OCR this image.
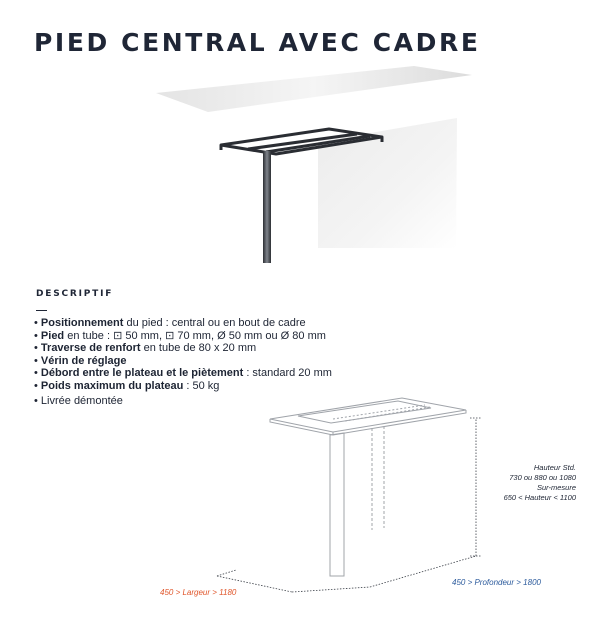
PIED CENTRAL AVEC CADRE
DESCRIPTIF
• Positionnement du pied : central ou en bout de cadre
• Pied en tube : ⊡ 50 mm, ⊡ 70 mm, Ø 50 mm ou Ø 80 mm
• Traverse de renfort en tube de 80 x 20 mm
• Vérin de réglage
• Débord entre le plateau et le piètement : standard 20 mm
• Poids maximum du plateau : 50 kg
• Livrée démontée
450 > Largeur > 1180
450 > Profondeur > 1800
Hauteur Std.
730 ou 880 ou 1080
Sur-mesure
650 < Hauteur < 1100
